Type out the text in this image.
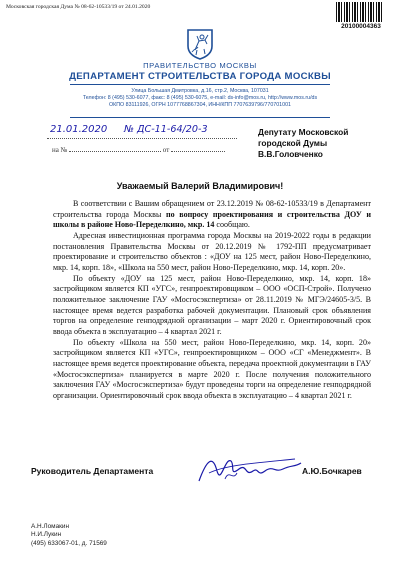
Московская городская Дума № 08-62-10533/19 от 24.01.2020
20100004363
ПРАВИТЕЛЬСТВО МОСКВЫ
ДЕПАРТАМЕНТ СТРОИТЕЛЬСТВА ГОРОДА МОСКВЫ
Улица Большая Дмитровка, д.16, стр.2, Москва, 107031
Телефон: 8 (495) 530-6077, факс: 8 (495) 530-6075, e-mail: ds-info@mos.ru, http://www.mos.ru/ds
ОКПО 83111926, ОГРН 1077768867304, ИНН/КПП 7707639796/770701001
21.01.2020 № ДС-11-64/20-3
на №	от
Депутату Московской
городской Думы
В.В.Головченко
Уважаемый Валерий Владимирович!

В соответствии с Вашим обращением от 23.12.2019 № 08-62-10533/19 в Департамент строительства города Москвы по вопросу проектирования и строительства ДОУ и школы в районе Ново-Переделкино, мкр. 14 сообщаю.

Адресная инвестиционная программа города Москвы на 2019-2022 годы в редакции постановления Правительства Москвы от 20.12.2019 № 1792-ПП предусматривает проектирование и строительство объектов : «ДОУ на 125 мест, район Ново-Переделкино, мкр. 14, корп. 18», «Школа на 550 мест, район Ново-Переделкино, мкр. 14, корп. 20».

По объекту «ДОУ на 125 мест, район Ново-Переделкино, мкр. 14, корп. 18» застройщиком является КП «УГС», генпроектировщиком – ООО «ОСП-Строй». Получено положительное заключение ГАУ «Мосгосэкспертиза» от 28.11.2019 № МГЭ/24605-3/5. В настоящее время ведется разработка рабочей документации. Плановый срок объявления торгов на определение генподрядной организации – март 2020 г. Ориентировочный срок ввода объекта в эксплуатацию – 4 квартал 2021 г.

По объекту «Школа на 550 мест, район Ново-Переделкино, мкр. 14, корп. 20» застройщиком является КП «УГС», генпроектировщиком – ООО «СГ «Менеджмент». В настоящее время ведется проектирование объекта, передача проектной документации в ГАУ «Мосгосэкспертиза» планируется в марте 2020 г. После получения положительного заключения ГАУ «Мосгосэкспертиза» будут проведены торги на определение генподрядной организации. Ориентировочный срок ввода объекта в эксплуатацию – 4 квартал 2021 г.

Руководитель Департамента	А.Ю.Бочкарев
А.Н.Ломакин
Н.И.Лукин
(495) 633067-01, д. 71569
